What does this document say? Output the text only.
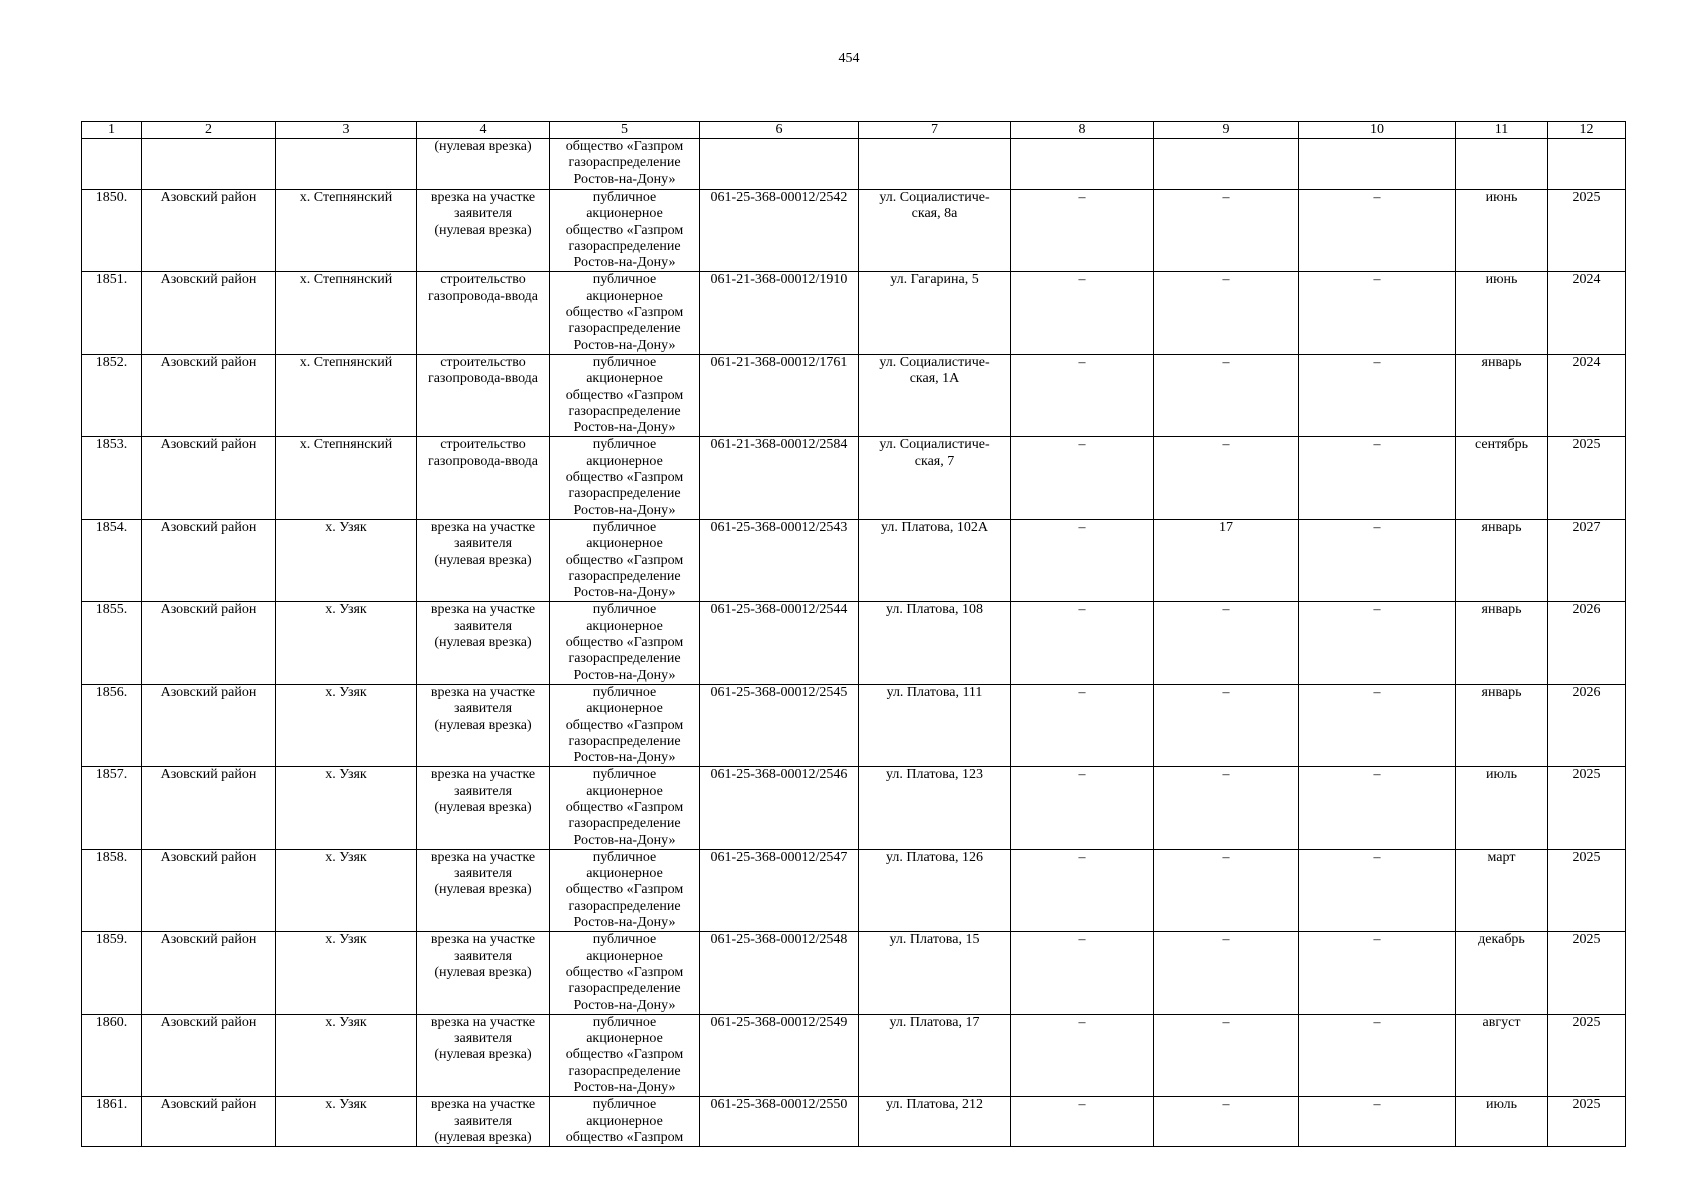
454
1	2	3	4	5	6	7	8	9	10	11	12

			(нулевая врезка)	общество «Газпром
газораспределение
Ростов-на-Дону»							

1850.	Азовский район	х. Степнянский	врезка на участке
заявителя
(нулевая врезка)	публичное
акционерное
общество «Газпром
газораспределение
Ростов-на-Дону»	061-25-368-00012/2542	ул. Социалистиче-
ская, 8а	–	–	–	июнь	2025
1851.	Азовский район	х. Степнянский	строительство
газопровода-ввода	публичное
акционерное
общество «Газпром
газораспределение
Ростов-на-Дону»	061-21-368-00012/1910	ул. Гагарина, 5	–	–	–	июнь	2024
1852.	Азовский район	х. Степнянский	строительство
газопровода-ввода	публичное
акционерное
общество «Газпром
газораспределение
Ростов-на-Дону»	061-21-368-00012/1761	ул. Социалистиче-
ская, 1А	–	–	–	январь	2024
1853.	Азовский район	х. Степнянский	строительство
газопровода-ввода	публичное
акционерное
общество «Газпром
газораспределение
Ростов-на-Дону»	061-21-368-00012/2584	ул. Социалистиче-
ская, 7	–	–	–	сентябрь	2025
1854.	Азовский район	х. Узяк	врезка на участке
заявителя
(нулевая врезка)	публичное
акционерное
общество «Газпром
газораспределение
Ростов-на-Дону»	061-25-368-00012/2543	ул. Платова, 102А	–	17	–	январь	2027
1855.	Азовский район	х. Узяк	врезка на участке
заявителя
(нулевая врезка)	публичное
акционерное
общество «Газпром
газораспределение
Ростов-на-Дону»	061-25-368-00012/2544	ул. Платова, 108	–	–	–	январь	2026
1856.	Азовский район	х. Узяк	врезка на участке
заявителя
(нулевая врезка)	публичное
акционерное
общество «Газпром
газораспределение
Ростов-на-Дону»	061-25-368-00012/2545	ул. Платова, 111	–	–	–	январь	2026
1857.	Азовский район	х. Узяк	врезка на участке
заявителя
(нулевая врезка)	публичное
акционерное
общество «Газпром
газораспределение
Ростов-на-Дону»	061-25-368-00012/2546	ул. Платова, 123	–	–	–	июль	2025
1858.	Азовский район	х. Узяк	врезка на участке
заявителя
(нулевая врезка)	публичное
акционерное
общество «Газпром
газораспределение
Ростов-на-Дону»	061-25-368-00012/2547	ул. Платова, 126	–	–	–	март	2025
1859.	Азовский район	х. Узяк	врезка на участке
заявителя
(нулевая врезка)	публичное
акционерное
общество «Газпром
газораспределение
Ростов-на-Дону»	061-25-368-00012/2548	ул. Платова, 15	–	–	–	декабрь	2025
1860.	Азовский район	х. Узяк	врезка на участке
заявителя
(нулевая врезка)	публичное
акционерное
общество «Газпром
газораспределение
Ростов-на-Дону»	061-25-368-00012/2549	ул. Платова, 17	–	–	–	август	2025
1861.	Азовский район	х. Узяк	врезка на участке
заявителя
(нулевая врезка)	публичное
акционерное
общество «Газпром	061-25-368-00012/2550	ул. Платова, 212	–	–	–	июль	2025
